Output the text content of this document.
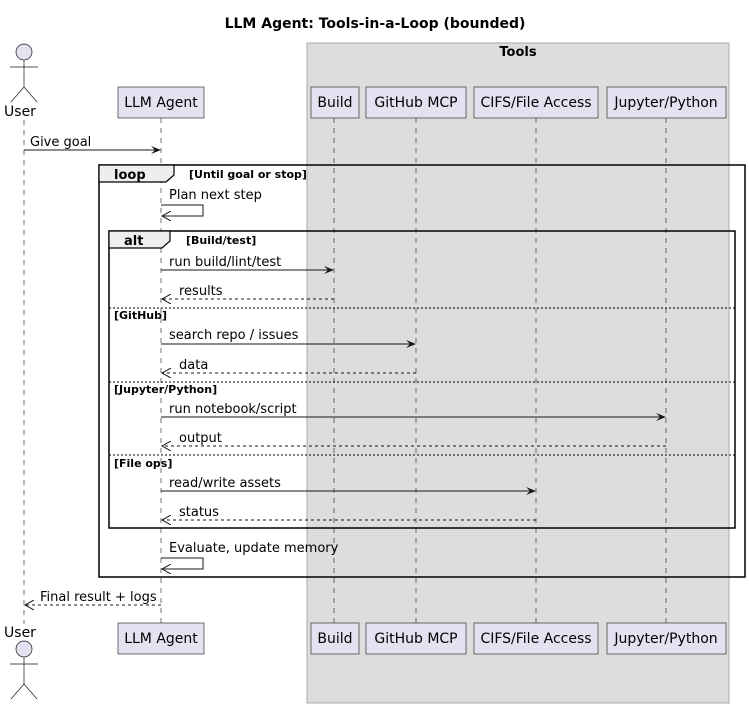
LLM Agent: Tools-in-a-Loop (bounded)
Tools
User
LLM Agent	Build GitHub MCP CIFS/File Access Jupyter/Python
Give goal
loop	[Until goal or stop]
Plan next step
alt	[Build/test]
run build/lint/test
results
[GitHub]
search repo / issues
data
[Jupyter/Python]
run notebook/script
output
[File ops]
read/write assets
status
Evaluate, update memory
Final result + logs
User	LLM Agent	Build GitHub MCP CIFS/File Access Jupyter/Python
